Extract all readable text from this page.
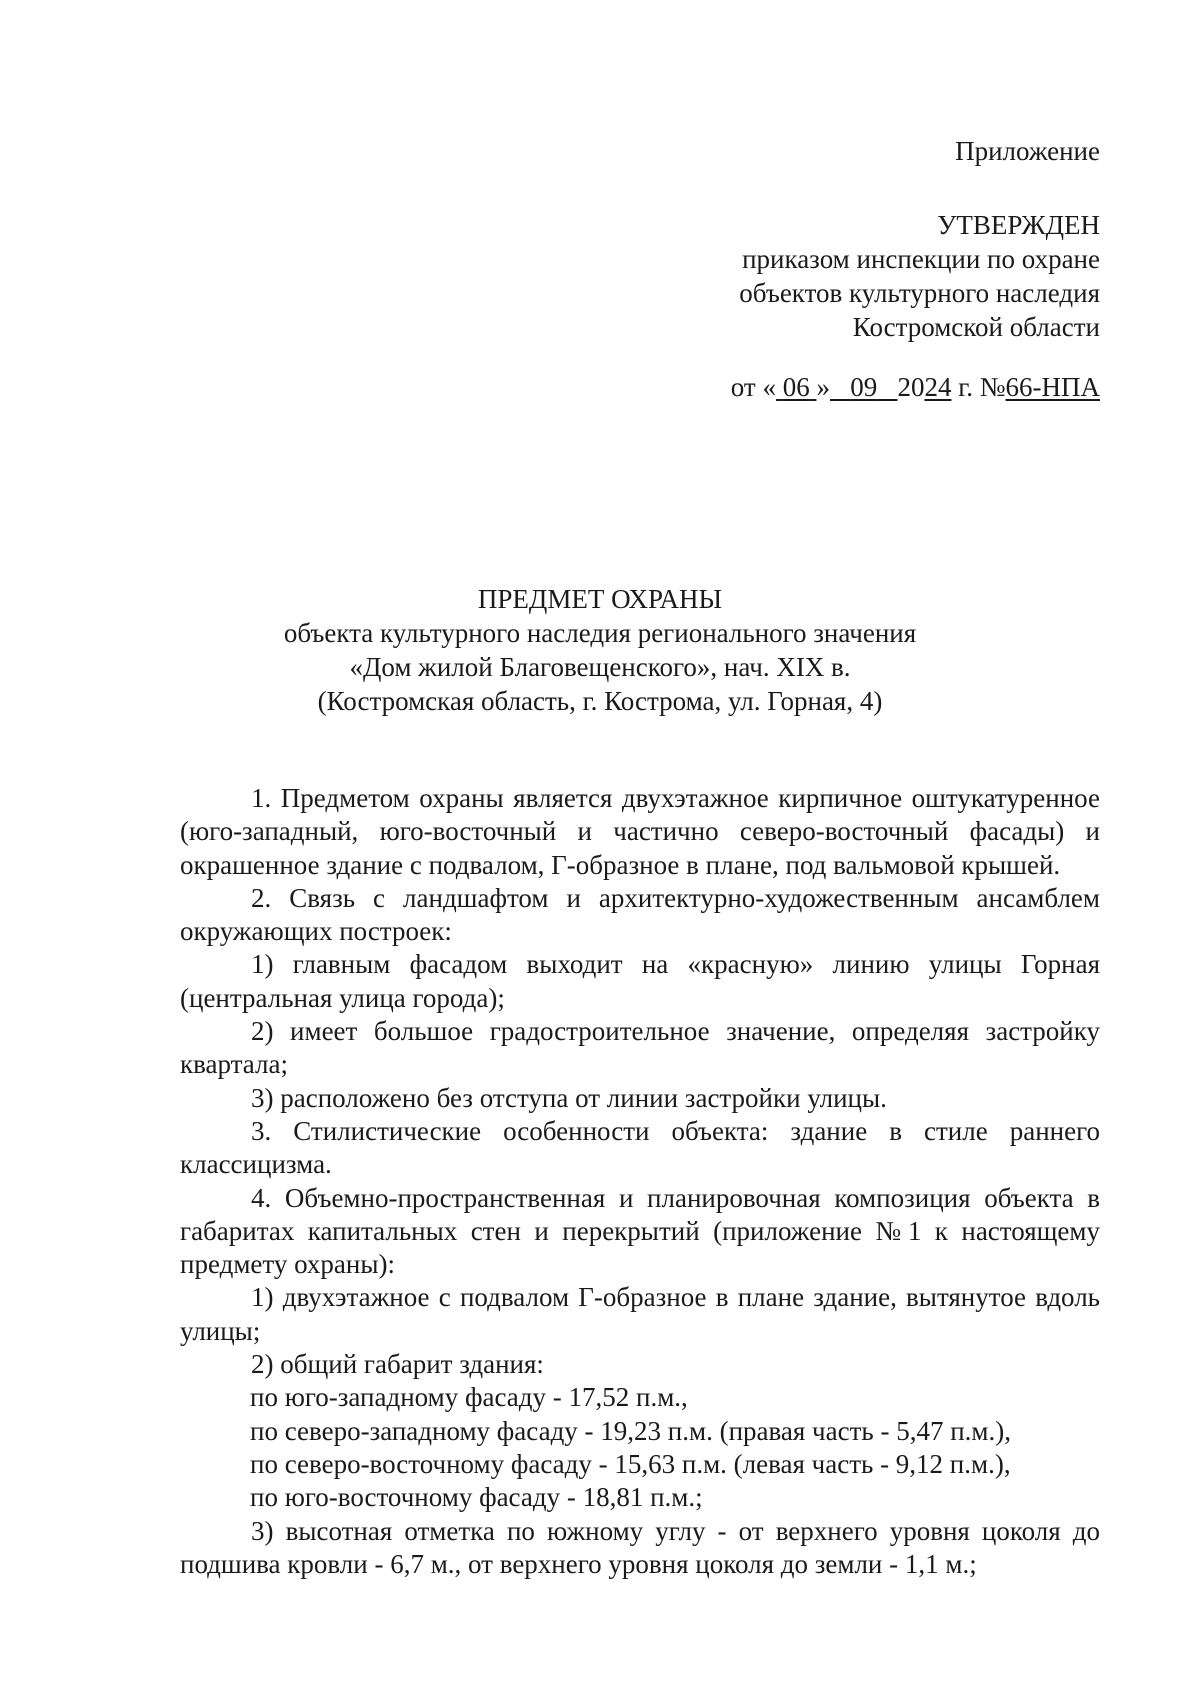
Приложение
УТВЕРЖДЕН
приказом инспекции по охране
объектов культурного наследия
Костромской области
от « 06 » 09 2024 г. №66-НПА
ПРЕДМЕТ ОХРАНЫ
объекта культурного наследия регионального значения
«Дом жилой Благовещенского», нач. XIX в.
(Костромская область, г. Кострома, ул. Горная, 4)

1. Предметом охраны является двухэтажное кирпичное оштукатуренное (юго-западный, юго-восточный и частично северо-восточный фасады) и окрашенное здание с подвалом, Г-образное в плане, под вальмовой крышей.

2. Связь с ландшафтом и архитектурно-художественным ансамблем окружающих построек:

1) главным фасадом выходит на «красную» линию улицы Горная (центральная улица города);

2) имеет большое градостроительное значение, определяя застройку квартала;

3) расположено без отступа от линии застройки улицы.

3. Стилистические особенности объекта: здание в стиле раннего классицизма.

4. Объемно-пространственная и планировочная композиция объекта в габаритах капитальных стен и перекрытий (приложение №1 к настоящему предмету охраны):

1) двухэтажное с подвалом Г-образное в плане здание, вытянутое вдоль улицы;

2) общий габарит здания:

по юго-западному фасаду - 17,52 п.м.,

по северо-западному фасаду - 19,23 п.м. (правая часть - 5,47 п.м.),

по северо-восточному фасаду - 15,63 п.м. (левая часть - 9,12 п.м.),

по юго-восточному фасаду - 18,81 п.м.;

3) высотная отметка по южному углу - от верхнего уровня цоколя до подшива кровли - 6,7 м., от верхнего уровня цоколя до земли - 1,1 м.;
